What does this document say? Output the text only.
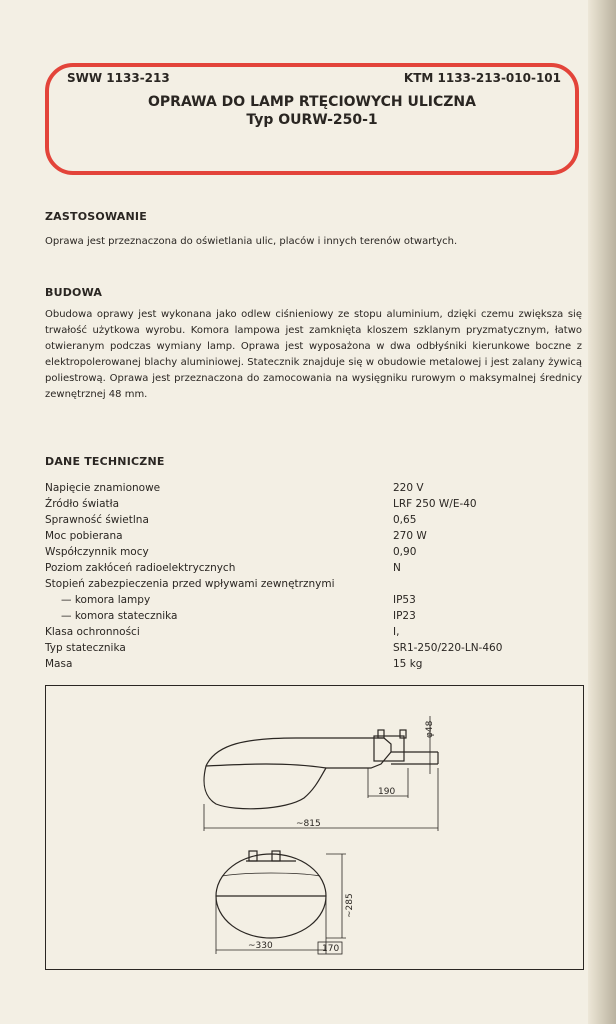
SWW 1133-213	KTM 1133-213-010-101
OPRAWA DO LAMP RTĘCIOWYCH ULICZNA
Typ OURW-250-1
ZASTOSOWANIE
Oprawa jest przeznaczona do oświetlania ulic, placów i innych terenów otwartych.
BUDOWA
Obudowa oprawy jest wykonana jako odlew ciśnieniowy ze stopu aluminium, dzięki czemu zwiększa się trwałość użytkowa wyrobu. Komora lampowa jest zamknięta kloszem szklanym pryzmatycznym, łatwo otwieranym podczas wymiany lamp. Oprawa jest wyposażona w dwa odbłyśniki kierunkowe boczne z elektropolerowanej blachy aluminiowej. Statecznik znajduje się w obudowie metalowej i jest zalany żywicą poliestrową. Oprawa jest przeznaczona do zamocowania na wysięgniku rurowym o maksymalnej średnicy zewnętrznej 48 mm.
DANE TECHNICZNE
Napięcie znamionowe	220 V
Źródło światła	LRF 250 W/E-40
Sprawność świetlna	0,65
Moc pobierana	270 W
Współczynnik mocy	0,90
Poziom zakłóceń radioelektrycznych	N
Stopień zabezpieczenia przed wpływami zewnętrznymi
— komora lampy	IP53
— komora statecznika	IP23
Klasa ochronności	I,
Typ statecznika	SR1-250/220-LN-460
Masa	15 kg
φ48
190
~815
~285
~330	170
